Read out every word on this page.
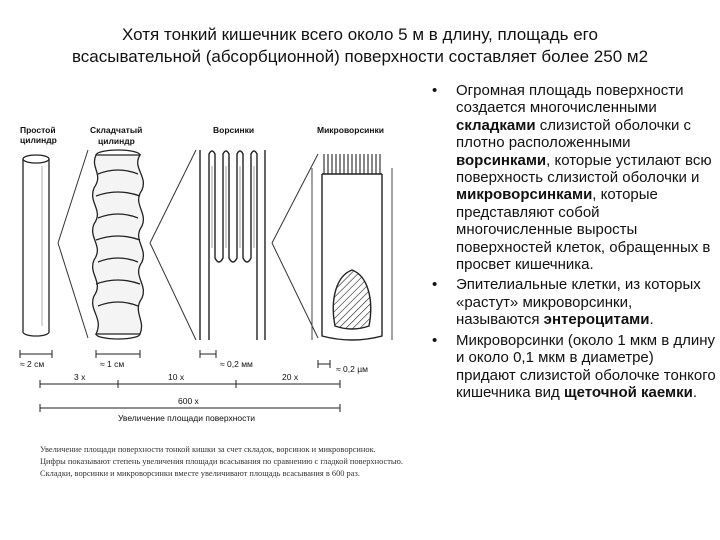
Хотя тонкий кишечник всего около 5 м в длину, площадь его
всасывательной (абсорбционной) поверхности составляет более 250 м2
Простой
цилиндр
Складчатый
цилиндр
Ворсинки	Микроворсинки
≈ 2 см	≈ 1 см	≈ 0,2 мм	≈ 0,2 µм
3 x	10 x	20 x
600 x
Увеличение площади поверхности
Увеличение площади поверхности тонкой кишки за счет складок, ворсинок и микроворсинок.
Цифры показывают степень увеличения площади всасывания по сравнению с гладкой поверхностью.
Складки, ворсинки и микроворсинки вместе увеличивают площадь всасывания в 600 раз.
• Огромная площадь поверхности создается многочисленными складками слизистой оболочки с плотно расположенными ворсинками, которые устилают всю поверхность слизистой оболочки и микроворсинками, которые представляют собой многочисленные выросты поверхностей клеток, обращенных в просвет кишечника.
• Эпителиальные клетки, из которых «растут» микроворсинки, называются энтероцитами.
• Микроворсинки (около 1 мкм в длину и около 0,1 мкм в диаметре) придают слизистой оболочке тонкого кишечника вид щеточной каемки.
